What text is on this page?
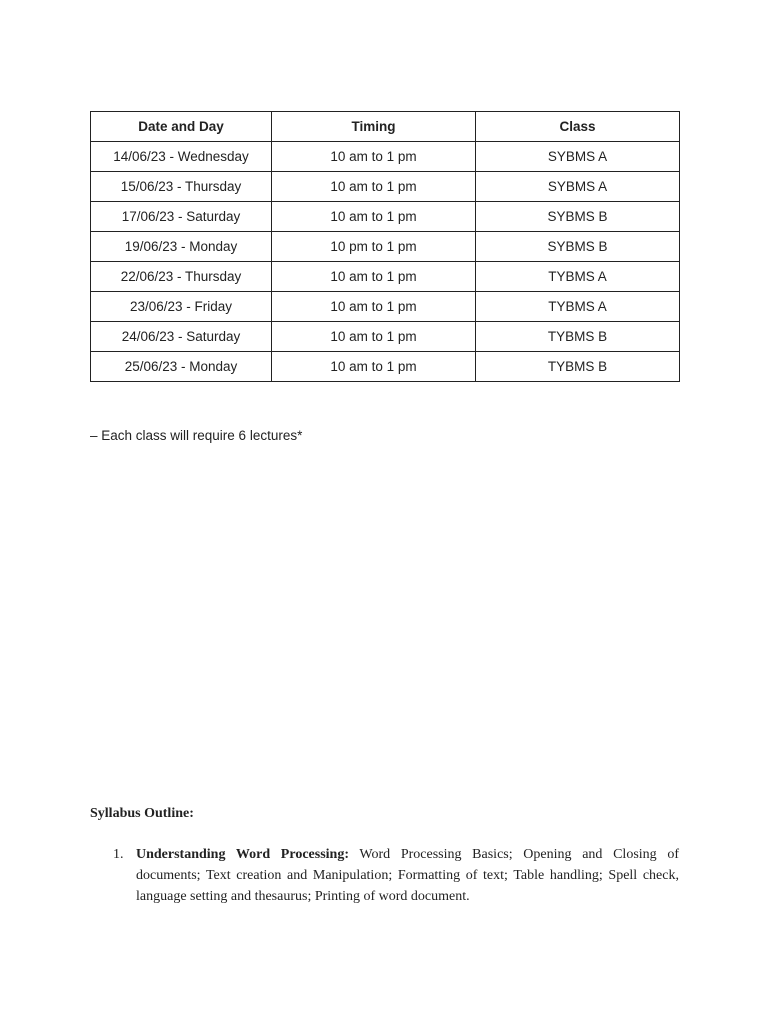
Date and Day	Timing	Class
14/06/23 - Wednesday	10 am to 1 pm	SYBMS A
15/06/23 - Thursday	10 am to 1 pm	SYBMS A
17/06/23 - Saturday	10 am to 1 pm	SYBMS B
19/06/23 - Monday	10 pm to 1 pm	SYBMS B
22/06/23 - Thursday	10 am to 1 pm	TYBMS A
23/06/23 - Friday	10 am to 1 pm	TYBMS A
24/06/23 - Saturday	10 am to 1 pm	TYBMS B
25/06/23 - Monday	10 am to 1 pm	TYBMS B
– Each class will require 6 lectures*
Syllabus Outline:
1. Understanding Word Processing: Word Processing Basics; Opening and Closing of documents; Text creation and Manipulation; Formatting of text; Table handling; Spell check, language setting and thesaurus; Printing of word document.
